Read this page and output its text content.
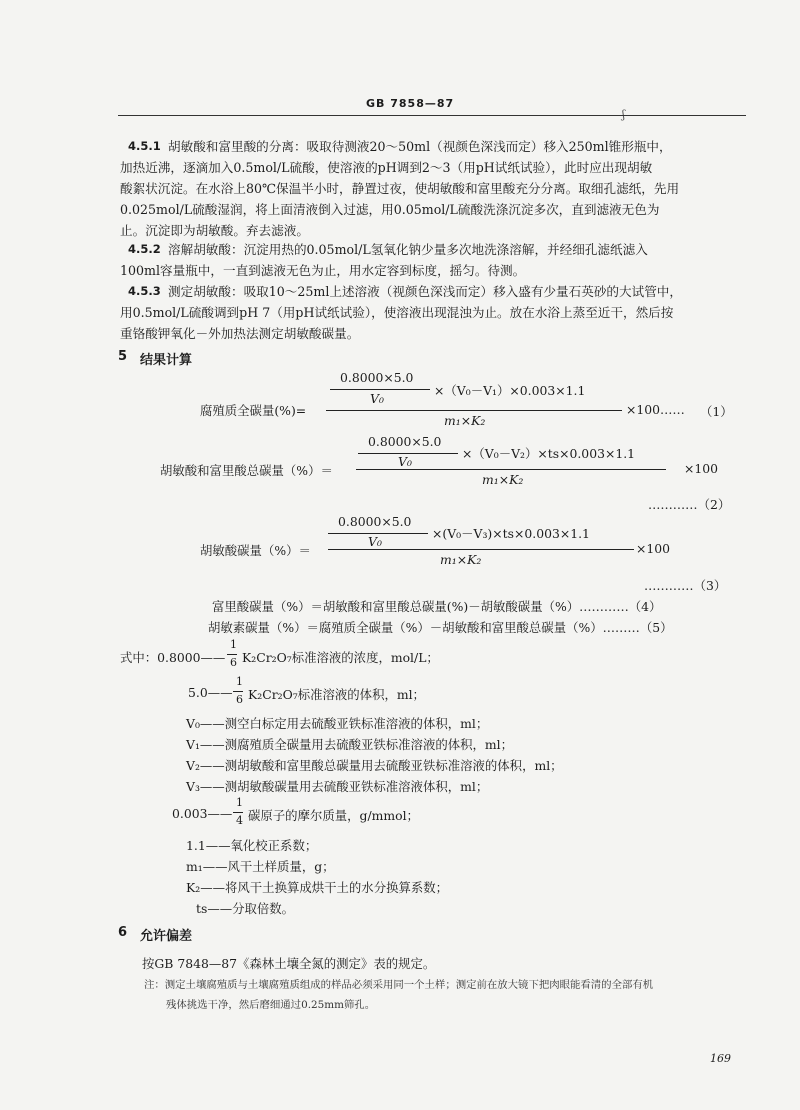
GB 7858—87
4.5.1 胡敏酸和富里酸的分离：吸取待测液20～50ml（视颜色深浅而定）移入250ml锥形瓶中，
加热近沸，逐滴加入0.5mol/L硫酸，使溶液的pH调到2～3（用pH试纸试验），此时应出现胡敏
酸絮状沉淀。在水浴上80℃保温半小时，静置过夜，使胡敏酸和富里酸充分分离。取细孔滤纸，先用
0.025mol/L硫酸湿润，将上面清液倒入过滤，用0.05mol/L硫酸洗涤沉淀多次，直到滤液无色为
止。沉淀即为胡敏酸。弃去滤液。
4.5.2 溶解胡敏酸：沉淀用热的0.05mol/L氢氧化钠少量多次地洗涤溶解，并经细孔滤纸滤入
100ml容量瓶中，一直到滤液无色为止，用水定容到标度，摇匀。待测。
4.5.3 测定胡敏酸：吸取10～25ml上述溶液（视颜色深浅而定）移入盛有少量石英砂的大试管中，
用0.5mol/L硫酸调到pH 7（用pH试纸试验），使溶液出现混浊为止。放在水浴上蒸至近干，然后按
重铬酸钾氧化－外加热法测定胡敏酸碳量。
5 结果计算
0.8000×5.0
V₀
×（V₀－V₁）×0.003×1.1
腐殖质全碳量(%)=
m₁×K₂
×100…… （1）
0.8000×5.0
V₀
×（V₀－V₂）×ts×0.003×1.1
胡敏酸和富里酸总碳量（%）＝
m₁×K₂
×100
…………（2）
0.8000×5.0
V₀
×(V₀－V₃)×ts×0.003×1.1
胡敏酸碳量（%）＝
m₁×K₂
×100
…………（3）
富里酸碳量（%）＝胡敏酸和富里酸总碳量(%)－胡敏酸碳量（%）…………（4）
胡敏素碳量（%）＝腐殖质全碳量（%）－胡敏酸和富里酸总碳量（%）………（5）
式中：0.8000——
1
6 K₂Cr₂O₇标准溶液的浓度，mol/L；
5.0——
1
6 K₂Cr₂O₇标准溶液的体积，ml；
V₀——测空白标定用去硫酸亚铁标准溶液的体积，ml；
V₁——测腐殖质全碳量用去硫酸亚铁标准溶液的体积，ml；
V₂——测胡敏酸和富里酸总碳量用去硫酸亚铁标准溶液的体积，ml；
V₃——测胡敏酸碳量用去硫酸亚铁标准溶液体积，ml；
0.003——
1
4 碳原子的摩尔质量，g/mmol；
1.1——氧化校正系数；
m₁——风干土样质量，g；
K₂——将风干土换算成烘干土的水分换算系数；
ts——分取倍数。
6 允许偏差
按GB 7848—87《森林土壤全氮的测定》表的规定。
注：测定土壤腐殖质与土壤腐殖质组成的样品必须采用同一个土样；测定前在放大镜下把肉眼能看清的全部有机
残体挑选干净，然后磨细通过0.25mm筛孔。
169
